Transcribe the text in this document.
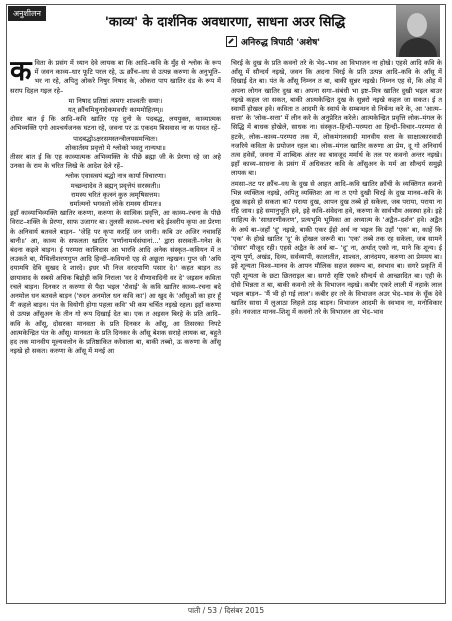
अनुशीलन
'काव्य' के दार्शनिक अवधारणा, साधना अउर सिद्धि
अनिरुद्ध त्रिपाठी 'अशेष'
क विता के प्रसंग में ध्यान देवे लायक बा कि आदि–कवि के मुँह से श्लोक के रूप में जवन काव्य–धार फूटि परल रहे, ऊ क्रौंच–वध से उत्पन्न करुणा के अनुभूति–भर ना रहे, अपितु ओकरे निषुर निषाद के, ओकरा पाप खातिर दंड के रूप में सराप दिहल गइल रहे–

मा निषाद प्रतिष्ठां त्वमगः शाश्वतीः समाः।

यत् क्रौंचमिथुनादेकमवधीः काममोहितम्॥

दोसर बात ई कि आदि–कवि खातिर एह दुनो के पदबद्ध, लययुक्त, काव्यात्मक अभिव्यक्ति एगो आश्चर्यजनक घटना रहे, जवना पर ऊ एकदम बिसवास ना क पावत रहें–

पादबद्धोऽक्षरसमस्तन्त्रीलयसमन्वितः।

शोकार्तस्य प्रवृत्तो मे श्लोको भवतु नान्यथा॥

तीसर बात ई कि एह काव्यात्मक अभिव्यक्ति के पीछे ब्रह्मा जी के प्रेरणा रहे जा अहे उनका के राम के चरित लिखे के आदेश देले रहें–

श्लोक एवास्त्वयं बद्धो नात्र कार्या विचारणा।

मच्छन्दादेव ते ब्रह्मन् प्रवृत्तेयं सरस्वती॥

रामस्य चरितं कृत्स्नं कुरु त्वमृषिसत्तम।

धर्मात्मनो भगवतो लोके रामस्य धीमतः॥

इहाँ काव्याभिव्यक्ति खातिर करुणा, करुणा के सात्विक प्रवृत्ति, आ काव्य–रचना के पीछे विराट–शक्ति के प्रेरणा, साफ उजागर बा। तुलसी काव्य–रचना बदे ईश्वरीय कृपा आ प्रेरणा के अनिवार्य बतवले बाड़न– 'जेहि पर कृपा करहिं जन जानी। कबि उर अजिर नचावहिं बानी॥' आ, काव्य के सफलता खातिर 'वर्णानामर्थसंघानां...' द्वारा सरस्वती–गनेश के बंदना कइले बाड़न। ई परम्परा कालिदास आ भारवि आदि अनेक संस्कृत–कवियन में त लउकते बा, मैथिलीशरणगुप्त आदि हिन्दी–कवियनो एह से अछूता नइखन। गुप्त जी 'अयि दयामयि देवि सुखद दे शारदे। इधर भी निज वरदपाणि पसार दे।' कहत बाड़न तऽ छायावाद के सबसे अधिक बिद्रोही कवि निराला 'वर दे वीणावादिनी वर दे' जइसन कविता रचले बाड़न। दिनकर त करुणा से पैदा भइल 'रोवाई' के कवि खातिर काव्य–रचना बदे अनमोल धन बतवले बाड़न ('रुदन अनमोल धन कवि का') आ खुद के 'आँसुओं का हार हूँ मैं' कहले बाड़न। पंत के वियोगी होगा पहला कवि' भी कम चर्चित नइखे रहल। इहाँ करुणा से उत्पन्न आँसुअन के तीन गो रूप दिखाई देत बा। एक त अइसन बिरहे के प्रति आदि–कवि के आँसू, दोसरका मानवता के प्रति दिनकर के आँसू, आ तिसरका निपटे आत्मकेन्द्रित पंत के आँसू। मानवता के प्रति दिनकर के आँसू बेशक सराहे लायक बा, बहुते हद तक मानवीय मूल्यवत्तोन के प्रतिष्ठाकित करेवाला बा, बाकी तब्बो, ऊ करुणा के आँसू नइखे हो सकत। करुणा के आँसू में मनई आ

चिरई के दुख के प्रति कवनो तरे के भेद–भाव आ विभाजन ना होखे। एहसे आदि कवि के आँसू में सौन्दर्य नइखे, जवन कि अदना चिरई के प्रति उत्पन्न आदि–कवि के आँसू में दिखाई देत बा। पंत के आँसू निम्नन त बा, बाकी सुन्नर नइखे। निम्नन एह से, कि ओह में अपना लोगन खातिर दुख बा। अपना सगा–संबंधी भा इष्ट–मित्र खातिर दुखी भइल बाउर नइखे कहल जा सकत, बाकी आत्मकेन्द्रित दुख के सुन्नरो नइखे कहल जा सकत। ई त स्वार्थी होखल हवे। कविता त आदमी के स्वार्थ के सम्बन्धन से निर्बन्ध करे के, आ 'आत्म–सत्ता' के 'लोक–सत्ता' में लीन करे के अनुप्रेरित करेले। आत्मकेन्द्रित प्रवृत्ति लोक–मंगल के सिद्धि में बाधक होखेले, साधक ना। संस्कृत–हिन्दी–परम्परा आ हिन्दी–विचार–परम्परा से हटके, लोक–काव्य–परम्परा तक में, लोकमंगलवादी मानवीय सत्ता के साक्षात्कारवादी नजरिये कविता के प्रयोजन रहल बा। लोक–मंगल खातिर करुणा आ प्रेम, दू गो अनिवार्य तत्व हवेसँ, जवना में शाब्दिक अंतर का बावजूद मर्मार्थ के तल पर कवनो अन्तर नइखे। इहाँ काव्य–साधना के प्रसंग में अधिकतर कवि के आँसुअन के मर्म आ सौन्दर्य समुझे लायक बा।

तमसा–तट पर क्रौंच–वध के दुख से आहत आदि–कवि खातिर क्रौंची के व्यक्तिगत कवनो भिन्न व्यक्तित्व नइखे, अपितु व्यक्तिशः आ ना त एगो दुखी चिरई के दुख मानव–कवि के दुख कइसे हो सकता बा? पराया दुख, आपन दुख तब्बे हो सकेला, जब पराया, पराया ना रहि जाय। इहे समानुभूति हवे, इहे कवि–संवेदना हवे, करुणा के सार्वभौम अवस्था हवे। इहे साहित्य के 'साधारणीकरण', प्रत्यभूमि भूमिका आ अध्यात्म के 'अद्वैत–दर्शन' हवे। अद्वैत के अर्थ बा–जहाँ 'दू' नइखे, बाकी एकर ईहो अर्थ ना भइल कि उहाँ 'एक' बा, काहें कि 'एक' के होखे खातिर 'दू' के होखल जरूरी बा। 'एक' तब्बे तक रह सकेला, जब सामने 'दोसर' मौजूद रही। एहसे अद्वैत के अर्थ बा– 'दू' ना, अर्थात् एको ना, माने कि शून्य। ई शून्य पूर्ण, अखंड, दिव्य, सर्वव्यापी, कालातीत, शाश्वत, आनंदमय, करुणा आ प्रेममय बा। इहे शून्यता विश्व–मानव के आपन मौलिक सहज स्वरूप बा, स्वभाव बा। सगरे प्रकृति में एही शून्यता के छटा छितराइल बा। सगरो सृष्टि एकरे सौन्दर्य से आच्छादित बा। एही के दोसे भिन्नता त बा, बाकी कवनो तरे के विभाजन नइखे। कबीर एकरे लाली में नहाके लाल भइल बाड़न– 'मैं भी हो गई लाल'। कबीर हर तरे के विभाजन अउर भेद–भाव के धूँक देवे खातिर साधा में लुआठा लिहले ठाढ़ बाड़न। विभाजन आदमी के स्वभाव ना, मनोविकार हवे। नवजात मानव–शिशु में कवनो तरे के विभाजन आ भेद–भाव

पाती / 53 / दिसंबर 2015
